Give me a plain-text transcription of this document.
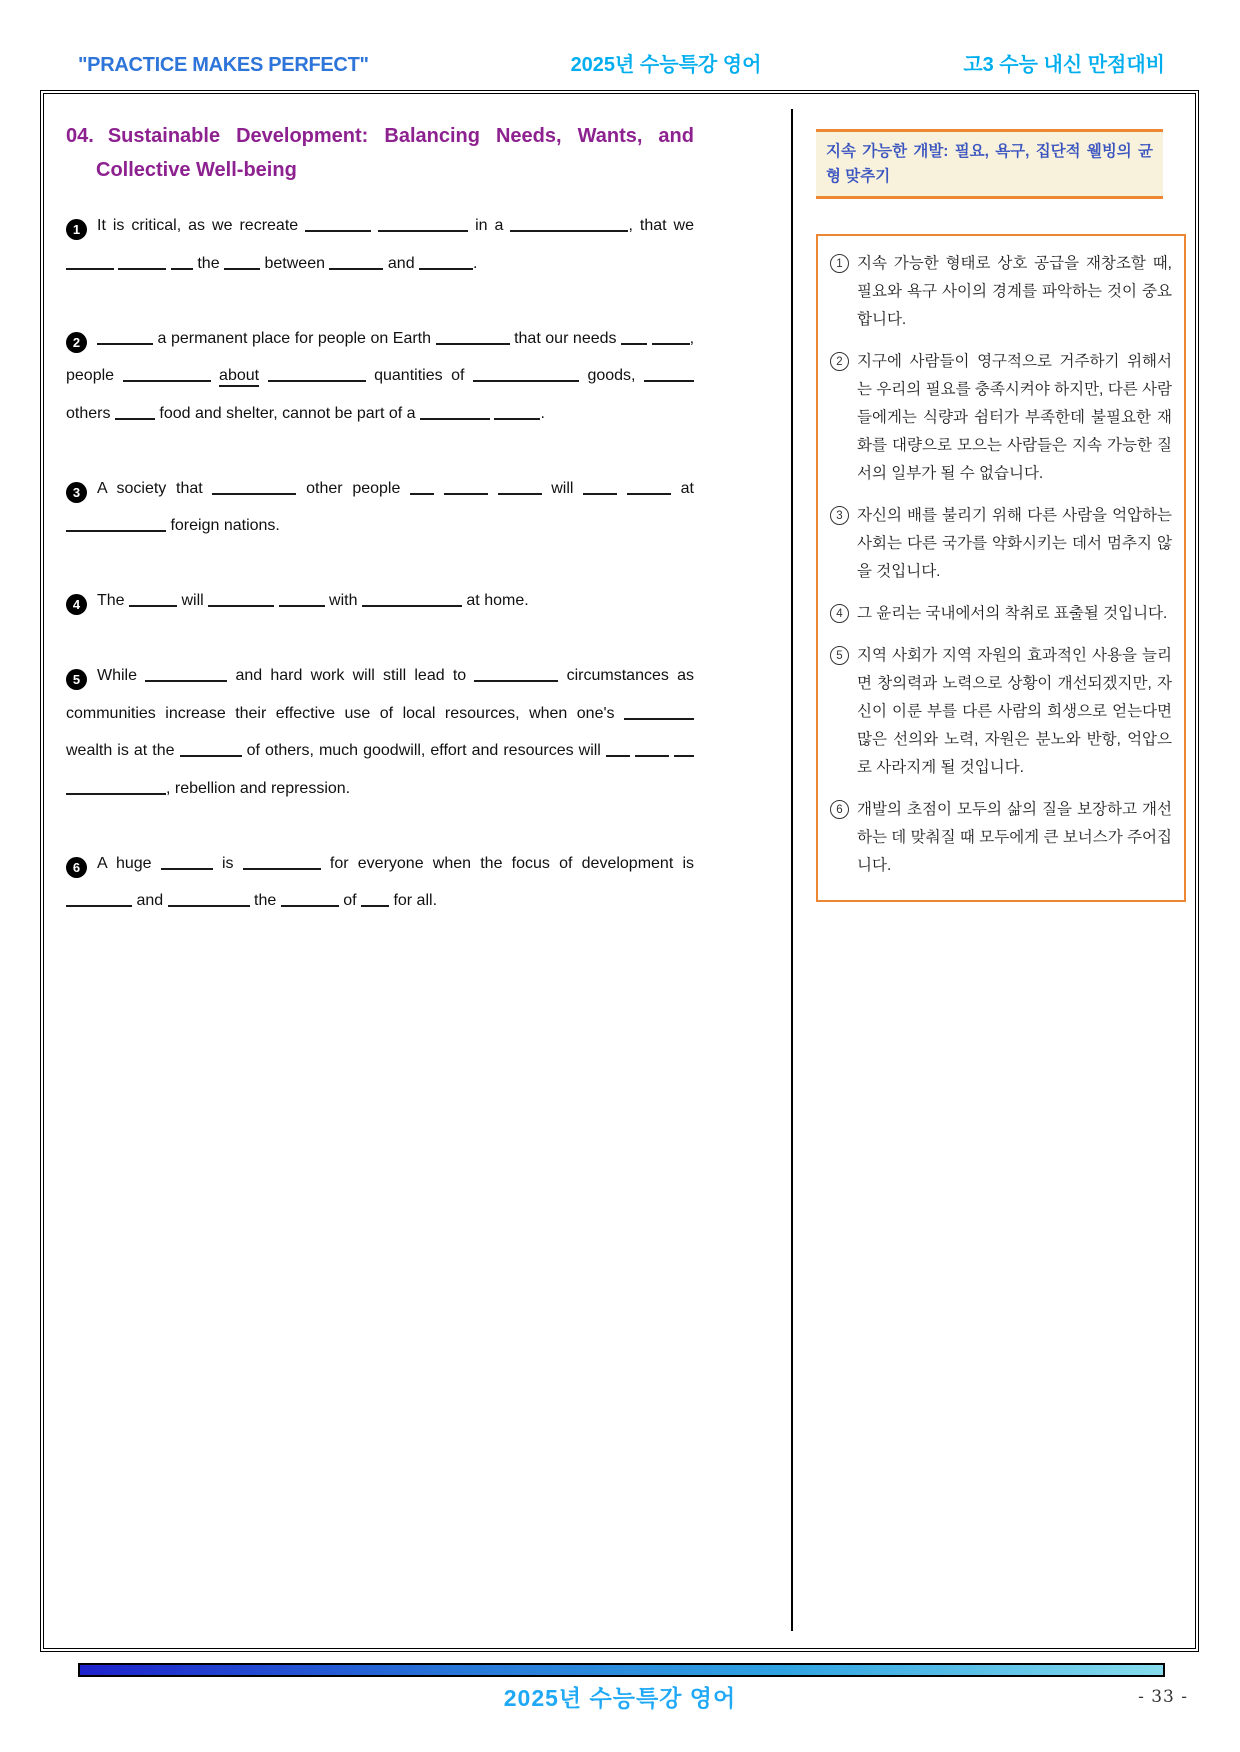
"PRACTICE MAKES PERFECT"	2025년 수능특강 영어	고3 수능 내신 만점대비

04. Sustainable Development: Balancing Needs, Wants, and Collective Well-being

1 It is critical, as we recreate	in a	, that we    the	between	and	.

2	a permanent place for people on Earth	that our needs	, people	about	quantities of	goods,  others	food and shelter, cannot be part of a	.

3 A society that	other people	will	at  foreign nations.

4 The	will	with	at home.

5 While	and hard work will still lead to	circumstances as communities increase their effective use of local resources, when one's  wealth is at the	of others, much goodwill, effort and resources will    , rebellion and repression.

6 A huge	is	for everyone when the focus of development is  and	the	of  for all.

지속 가능한 개발: 필요, 욕구, 집단적 웰빙의 균형 맞추기

1 지속 가능한 형태로 상호 공급을 재창조할 때, 필요와 욕구 사이의 경계를 파악하는 것이 중요합니다.

2 지구에 사람들이 영구적으로 거주하기 위해서는 우리의 필요를 충족시켜야 하지만, 다른 사람들에게는 식량과 쉼터가 부족한데 불필요한 재화를 대량으로 모으는 사람들은 지속 가능한 질서의 일부가 될 수 없습니다.

3 자신의 배를 불리기 위해 다른 사람을 억압하는 사회는 다른 국가를 약화시키는 데서 멈추지 않을 것입니다.

4 그 윤리는 국내에서의 착취로 표출될 것입니다.

5 지역 사회가 지역 자원의 효과적인 사용을 늘리면 창의력과 노력으로 상황이 개선되겠지만, 자신이 이룬 부를 다른 사람의 희생으로 얻는다면 많은 선의와 노력, 자원은 분노와 반항, 억압으로 사라지게 될 것입니다.

6 개발의 초점이 모두의 삶의 질을 보장하고 개선하는 데 맞춰질 때 모두에게 큰 보너스가 주어집니다.

2025년 수능특강 영어	- 33 -
